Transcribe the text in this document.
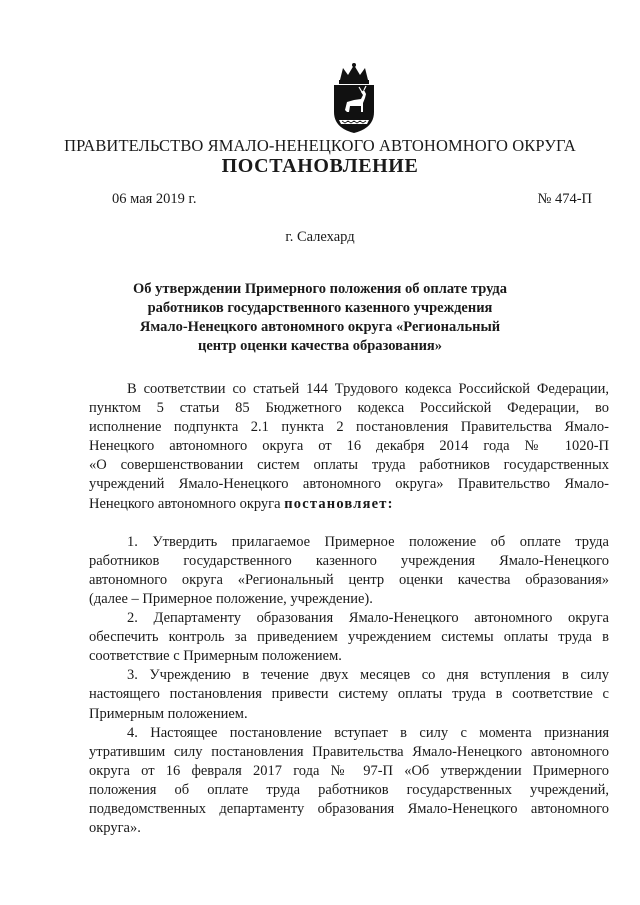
ПРАВИТЕЛЬСТВО ЯМАЛО-НЕНЕЦКОГО АВТОНОМНОГО ОКРУГА
ПОСТАНОВЛЕНИЕ
06 мая 2019 г.	№ 474-П
г. Салехард
Об утверждении Примерного положения об оплате труда
работников государственного казенного учреждения
Ямало-Ненецкого автономного округа «Региональный
центр оценки качества образования»
В соответствии со статьей 144 Трудового кодекса Российской Федерации,
пунктом 5 статьи 85 Бюджетного кодекса Российской Федерации, во
исполнение подпункта 2.1 пункта 2 постановления Правительства Ямало-
Ненецкого автономного округа от 16 декабря 2014 года № 1020-П
«О совершенствовании систем оплаты труда работников государственных
учреждений Ямало-Ненецкого автономного округа» Правительство Ямало-
Ненецкого автономного округа постановляет:
1. Утвердить прилагаемое Примерное положение об оплате труда
работников государственного казенного учреждения Ямало-Ненецкого
автономного округа «Региональный центр оценки качества образования»
(далее – Примерное положение, учреждение).
2. Департаменту образования Ямало-Ненецкого автономного округа
обеспечить контроль за приведением учреждением системы оплаты труда в
соответствие с Примерным положением.
3. Учреждению в течение двух месяцев со дня вступления в силу
настоящего постановления привести систему оплаты труда в соответствие с
Примерным положением.
4. Настоящее постановление вступает в силу с момента признания
утратившим силу постановления Правительства Ямало-Ненецкого автономного
округа от 16 февраля 2017 года № 97-П «Об утверждении Примерного
положения об оплате труда работников государственных учреждений,
подведомственных департаменту образования Ямало-Ненецкого автономного
округа».
